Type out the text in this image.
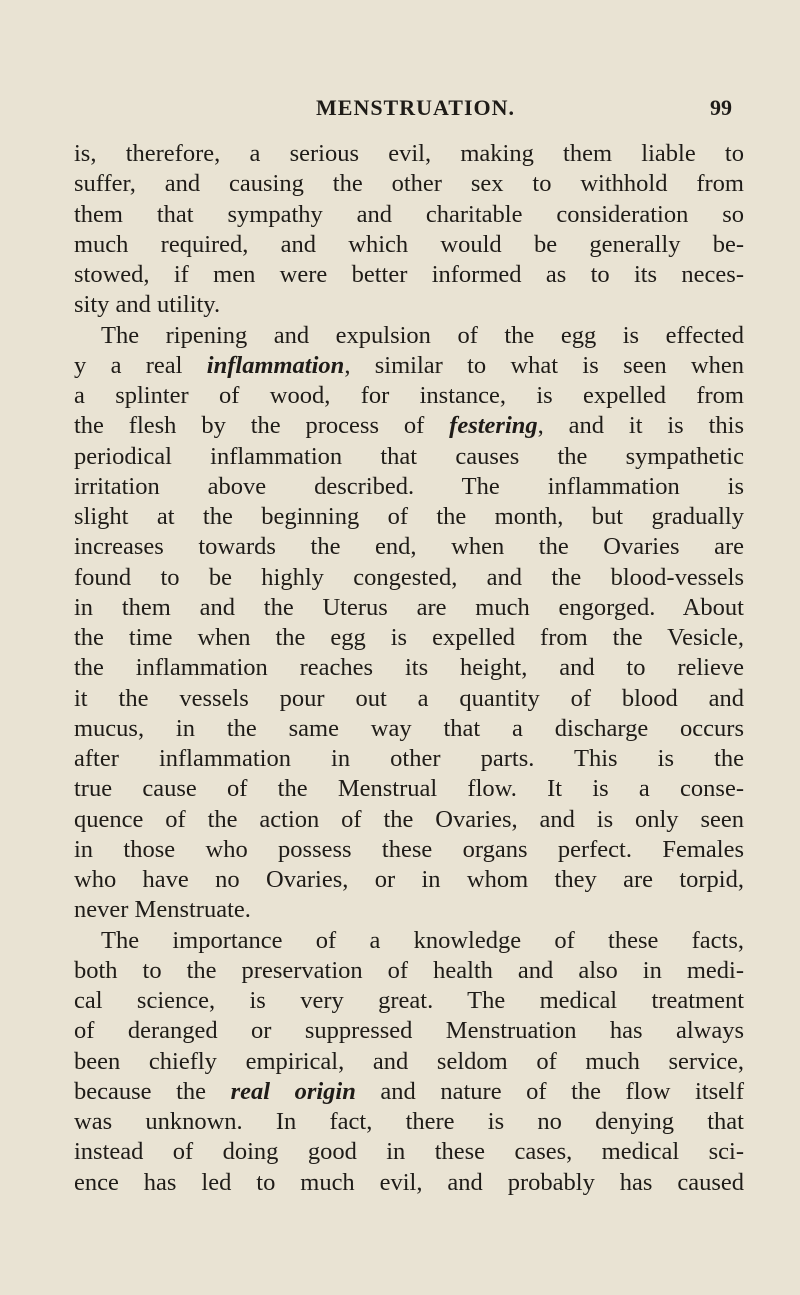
MENSTRUATION.	99
is, therefore, a serious evil, making them liable to
suffer, and causing the other sex to withhold from
them that sympathy and charitable consideration so
much required, and which would be generally be-
stowed, if men were better informed as to its neces-
sity and utility.
The ripening and expulsion of the egg is effected
y a real inflammation, similar to what is seen when
a splinter of wood, for instance, is expelled from
the flesh by the process of festering, and it is this
periodical inflammation that causes the sympathetic
irritation above described. The inflammation is
slight at the beginning of the month, but gradually
increases towards the end, when the Ovaries are
found to be highly congested, and the blood-vessels
in them and the Uterus are much engorged. About
the time when the egg is expelled from the Vesicle,
the inflammation reaches its height, and to relieve
it the vessels pour out a quantity of blood and
mucus, in the same way that a discharge occurs
after inflammation in other parts. This is the
true cause of the Menstrual flow. It is a conse-
quence of the action of the Ovaries, and is only seen
in those who possess these organs perfect. Females
who have no Ovaries, or in whom they are torpid,
never Menstruate.
The importance of a knowledge of these facts,
both to the preservation of health and also in medi-
cal science, is very great. The medical treatment
of deranged or suppressed Menstruation has always
been chiefly empirical, and seldom of much service,
because the real origin and nature of the flow itself
was unknown. In fact, there is no denying that
instead of doing good in these cases, medical sci-
ence has led to much evil, and probably has caused
